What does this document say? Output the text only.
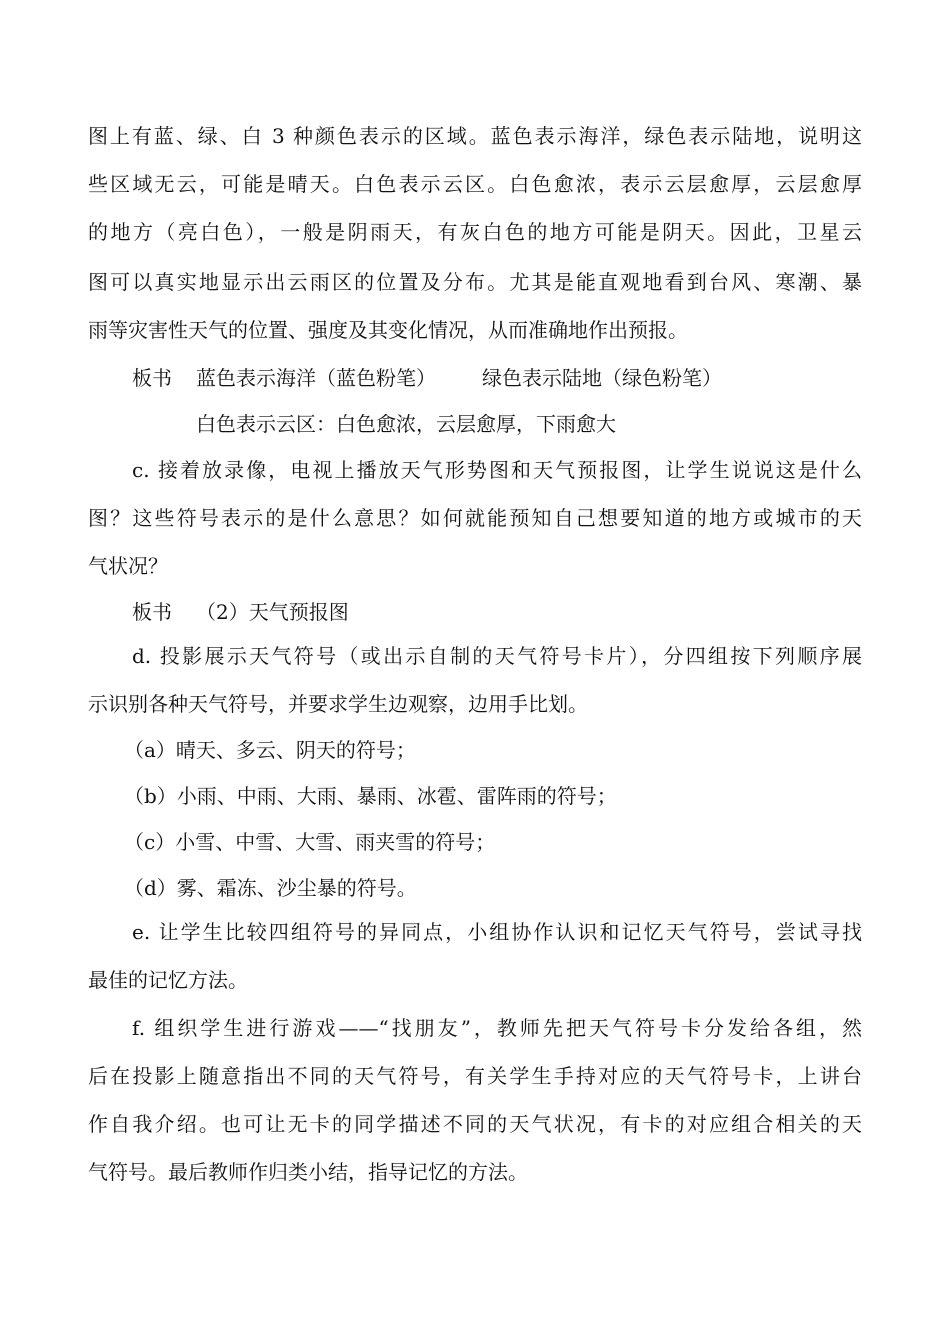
图上有蓝、绿、白 3 种颜色表示的区域。蓝色表示海洋，绿色表示陆地，说明这
些区域无云，可能是晴天。白色表示云区。白色愈浓，表示云层愈厚，云层愈厚
的地方（亮白色），一般是阴雨天，有灰白色的地方可能是阴天。因此，卫星云
图可以真实地显示出云雨区的位置及分布。尤其是能直观地看到台风、寒潮、暴
雨等灾害性天气的位置、强度及其变化情况，从而准确地作出预报。
板书 蓝色表示海洋（蓝色粉笔） 绿色表示陆地（绿色粉笔）
白色表示云区：白色愈浓，云层愈厚，下雨愈大
c. 接着放录像，电视上播放天气形势图和天气预报图，让学生说说这是什么
图？这些符号表示的是什么意思？如何就能预知自己想要知道的地方或城市的天
气状况？
板书 （2）天气预报图
d. 投影展示天气符号（或出示自制的天气符号卡片），分四组按下列顺序展
示识别各种天气符号，并要求学生边观察，边用手比划。
（a）晴天、多云、阴天的符号；
（b）小雨、中雨、大雨、暴雨、冰雹、雷阵雨的符号；
（c）小雪、中雪、大雪、雨夹雪的符号；
（d）雾、霜冻、沙尘暴的符号。
e. 让学生比较四组符号的异同点，小组协作认识和记忆天气符号，尝试寻找
最佳的记忆方法。
f. 组织学生进行游戏——“找朋友”，教师先把天气符号卡分发给各组，然
后在投影上随意指出不同的天气符号，有关学生手持对应的天气符号卡，上讲台
作自我介绍。也可让无卡的同学描述不同的天气状况，有卡的对应组合相关的天
气符号。最后教师作归类小结，指导记忆的方法。
